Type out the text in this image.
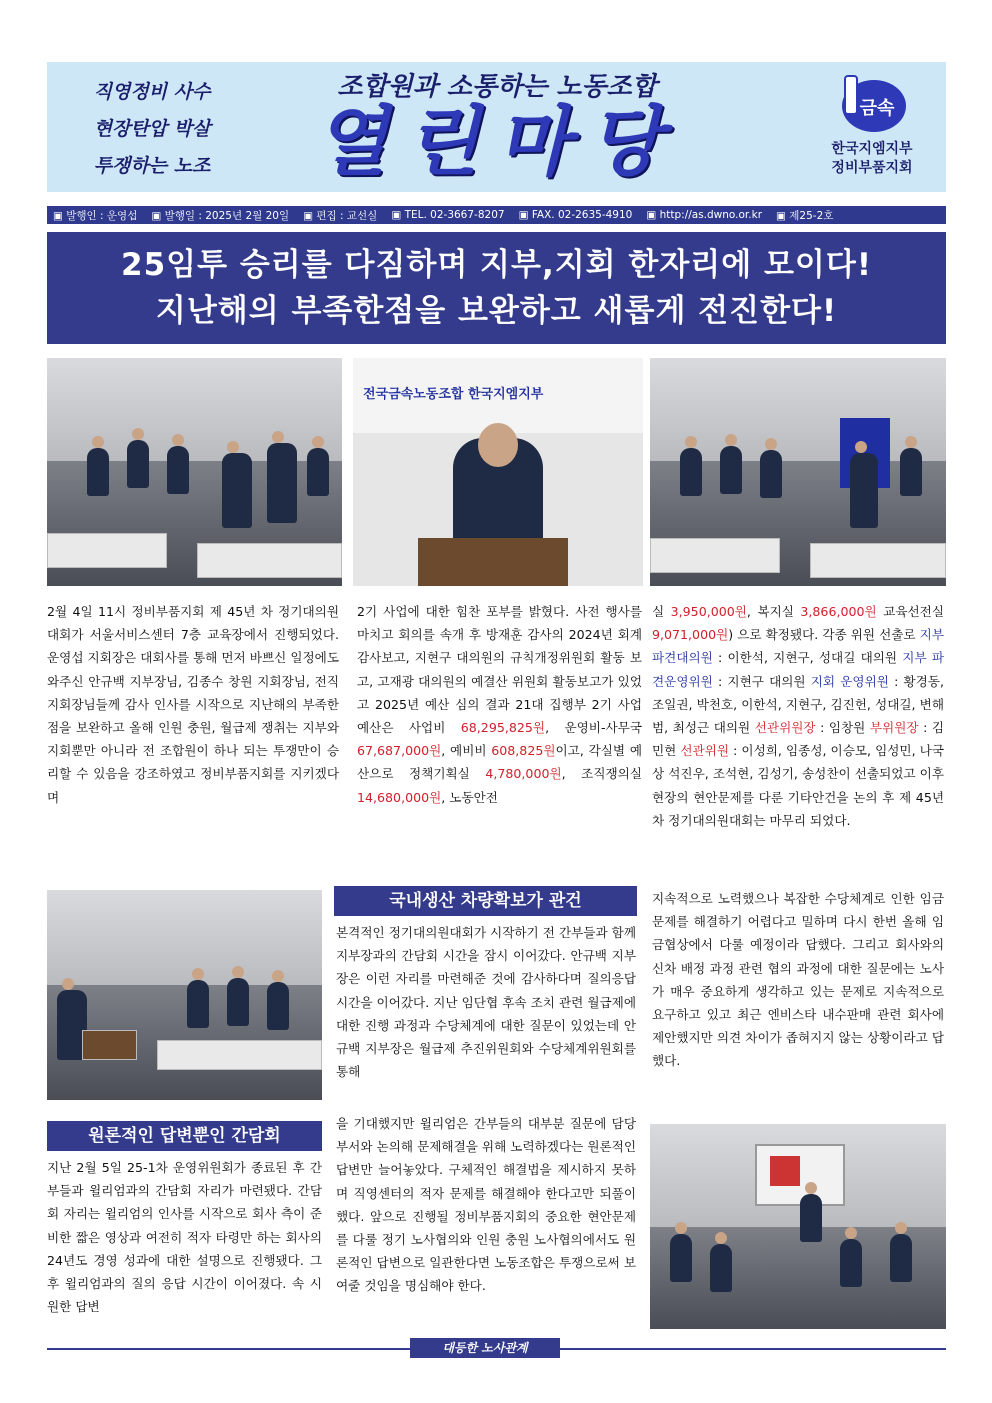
직영정비 사수
현장탄압 박살
투쟁하는 노조
조합원과 소통하는 노동조합
열린마당	금속
한국지엠지부
정비부품지회
▣ 발행인 : 운영섭	▣ 발행일 : 2025년 2월 20일	▣ 편집 : 교선실	▣ TEL. 02-3667-8207	▣ FAX. 02-2635-4910	▣ http://as.dwno.or.kr	▣ 제25-2호
25임투 승리를 다짐하며 지부,지회 한자리에 모이다!
지난해의 부족한점을 보완하고 새롭게 전진한다!
전국금속노동조합 한국지엠지부
2월 4일 11시 정비부품지회 제 45년 차 정기대의원 대회가 서울서비스센터 7층 교육장에서 진행되었다. 운영섭 지회장은 대회사를 통해 먼저 바쁘신 일정에도 와주신 안규백 지부장님, 김종수 창원 지회장님, 전직 지회장님들께 감사 인사를 시작으로 지난해의 부족한 점을 보완하고 올해 인원 충원, 월급제 쟁취는 지부와 지회뿐만 아니라 전 조합원이 하나 되는 투쟁만이 승리할 수 있음을 강조하였고 정비부품지회를 지키겠다며
2기 사업에 대한 힘찬 포부를 밝혔다. 사전 행사를 마치고 회의를 속개 후 방재훈 감사의 2024년 회계감사보고, 지현구 대의원의 규칙개정위원회 활동 보고, 고재광 대의원의 예결산 위원회 활동보고가 있었고 2025년 예산 심의 결과 21대 집행부 2기 사업 예산은 사업비 68,295,825원, 운영비-사무국 67,687,000원, 예비비 608,825원이고, 각실별 예산으로 정책기획실 4,780,000원, 조직쟁의실 14,680,000원, 노동안전
실 3,950,000원, 복지실 3,866,000원 교육선전실 9,071,000원) 으로 확정됐다. 각종 위원 선출로 지부 파견대의원 : 이한석, 지현구, 성대길 대의원 지부 파견운영위원 : 지현구 대의원 지회 운영위원 : 황경동, 조일권, 박천호, 이한석, 지현구, 김진헌, 성대길, 변해범, 최성근 대의원 선관위원장 : 임창원 부위원장 : 김민현 선관위원 : 이성희, 임종성, 이승모, 임성민, 나국상 석진우, 조석현, 김성기, 송성찬이 선출되었고 이후 현장의 현안문제를 다룬 기타안건을 논의 후 제 45년 차 정기대의원대회는 마무리 되었다.
국내생산 차량확보가 관건
본격적인 정기대의원대회가 시작하기 전 간부들과 함께 지부장과의 간담회 시간을 잠시 이어갔다. 안규백 지부장은 이런 자리를 마련해준 것에 감사하다며 질의응답 시간을 이어갔다. 지난 임단협 후속 조치 관련 월급제에 대한 진행 과정과 수당체계에 대한 질문이 있었는데 안규백 지부장은 월급제 추진위원회와 수당체계위원회를 통해
지속적으로 노력했으나 복잡한 수당체계로 인한 임금 문제를 해결하기 어렵다고 밀하며 다시 한번 올해 임금협상에서 다룰 예정이라 답했다. 그리고 회사와의 신차 배정 과정 관련 협의 과정에 대한 질문에는 노사가 매우 중요하게 생각하고 있는 문제로 지속적으로 요구하고 있고 최근 엔비스타 내수판매 관련 회사에 제안했지만 의견 차이가 좁혀지지 않는 상황이라고 답했다.
원론적인 답변뿐인 간담회
지난 2월 5일 25-1차 운영위원회가 종료된 후 간부들과 윌리엄과의 간담회 자리가 마련됐다. 간담회 자리는 윌리엄의 인사를 시작으로 회사 측이 준비한 짧은 영상과 여전히 적자 타령만 하는 회사의 24년도 경영 성과에 대한 설명으로 진행됐다. 그 후 윌리엄과의 질의 응답 시간이 이어졌다. 속 시원한 답변
을 기대했지만 윌리엄은 간부들의 대부분 질문에 담당 부서와 논의해 문제해결을 위해 노력하겠다는 원론적인 답변만 늘어놓았다. 구체적인 해결법을 제시하지 못하며 직영센터의 적자 문제를 해결해야 한다고만 되풀이했다. 앞으로 진행될 정비부품지회의 중요한 현안문제를 다룰 정기 노사협의와 인원 충원 노사협의에서도 원론적인 답변으로 일관한다면 노동조합은 투쟁으로써 보여줄 것임을 명심해야 한다.
대등한 노사관계
